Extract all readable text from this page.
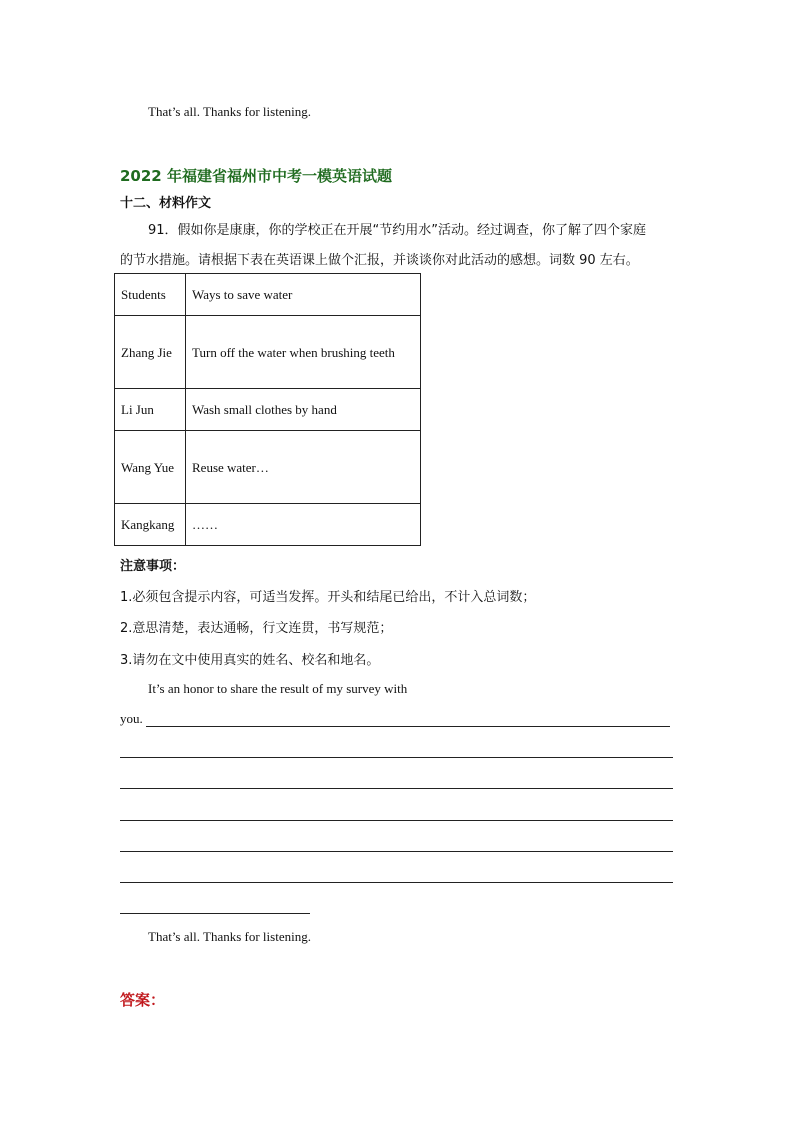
That’s all. Thanks for listening.
2022 年福建省福州市中考一模英语试题
十二、材料作文
91．假如你是康康，你的学校正在开展“节约用水”活动。经过调查，你了解了四个家庭
的节水措施。请根据下表在英语课上做个汇报，并谈谈你对此活动的感想。词数 90 左右。
Students	Ways to save water
Zhang Jie	Turn off the water when brushing teeth
Li Jun	Wash small clothes by hand
Wang Yue	Reuse water…
Kangkang	……
注意事项：
1.必须包含提示内容，可适当发挥。开头和结尾已给出，不计入总词数；
2.意思清楚，表达通畅，行文连贯，书写规范；
3.请勿在文中使用真实的姓名、校名和地名。
It’s an honor to share the result of my survey with
you.
That’s all. Thanks for listening.
答案：
